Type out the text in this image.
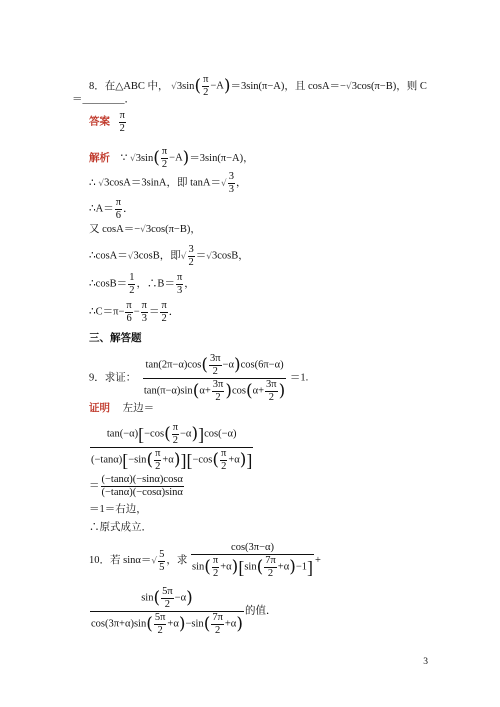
8．在△ABC 中， $√3\sin( \frac{\pi}{2} -A)=3\sin(\pi-A)$，且 cosA＝−√3cos(π−B)，则 C
＝________．
答案 $\frac{\pi}{2}$
解析 ∵ $√3\sin( \frac{\pi}{2} -A)=3\sin(\pi-A)$，
∴ √3cosA＝3sinA，即 $\tan A=√ \frac{3}{3}$ ，
∴A＝ $\frac{\pi}{6}$ ．
又 cosA＝−√3cos(π−B)，
∴cosA＝√3cosB，即√ $\frac{3}{2} =√3\cos B$，
∴cosB＝ $\frac{1}{2}$ ，∴B＝ $\frac{\pi}{3}$ ，
∴C＝π− $\frac{\pi}{6} - \frac{\pi}{3} = \frac{\pi}{2}$ ．
三、解答题
9．求证： $\frac{\tan(2\pi-\alpha)\cos( \frac{3\pi}{2} -\alpha)\cos(6\pi-\alpha)}{\tan(\pi-\alpha)\sin(\alpha+ \frac{3\pi}{2} )\cos(\alpha+ \frac{3\pi}{2} )} =1$.
证明 左边＝
$\frac{\tan(-\alpha)[-\cos( \frac{\pi}{2} -\alpha)]\cos(-\alpha)}{(-\tan\alpha)[-\sin( \frac{\pi}{2} +\alpha)][-\cos( \frac{\pi}{2} +\alpha)]}$
＝ $\frac{(-\tan\alpha)(-\sin\alpha)\cos\alpha}{(-\tan\alpha)(-\cos\alpha)\sin\alpha}$
＝1＝右边，
∴原式成立．
10．若 $\sin\alpha=√ \frac{5}{5}$ ，求 $\frac{\cos(3\pi-\alpha)}{\sin( \frac{\pi}{2} +\alpha)[\sin( \frac{7\pi}{2} +\alpha)-1]}$ +
$\frac{\sin( \frac{5\pi}{2} -\alpha)}{\cos(3\pi+\alpha)\sin( \frac{5\pi}{2} +\alpha)-\sin( \frac{7\pi}{2} +\alpha)}$ 的值．
3
